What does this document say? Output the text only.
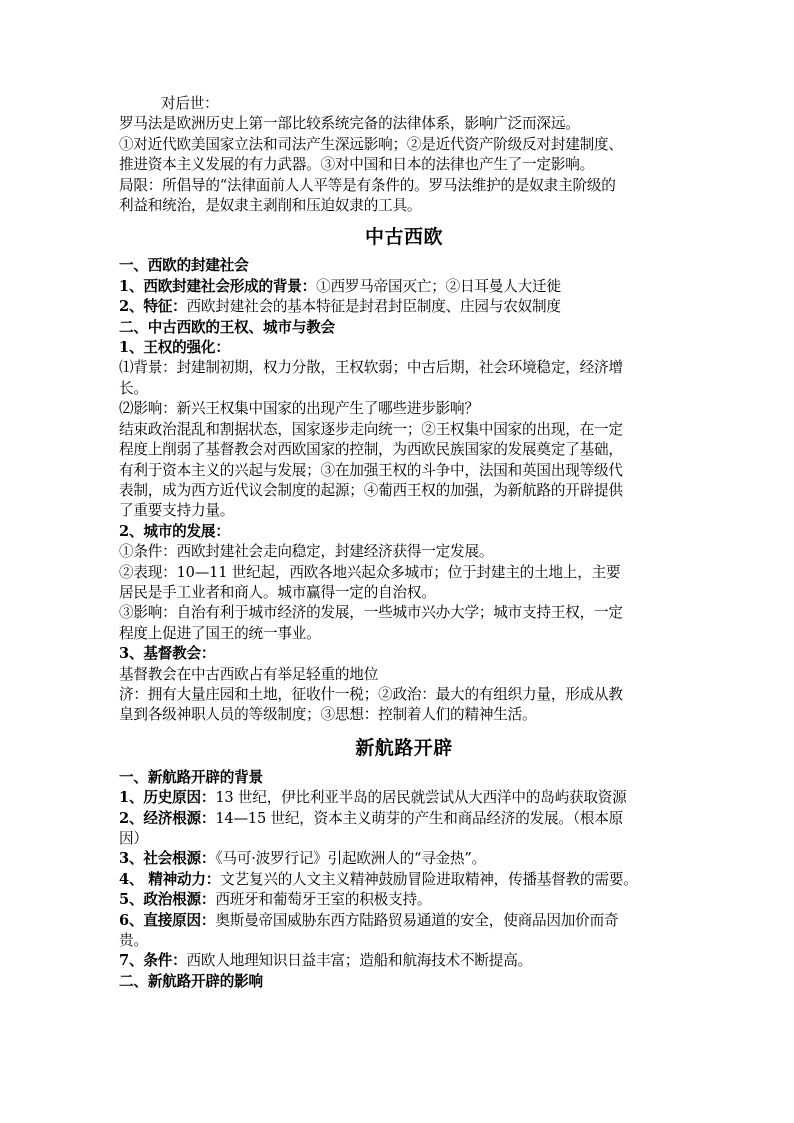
对后世：
罗马法是欧洲历史上第一部比较系统完备的法律体系，影响广泛而深远。
①对近代欧美国家立法和司法产生深远影响；②是近代资产阶级反对封建制度、
推进资本主义发展的有力武器。③对中国和日本的法律也产生了一定影响。
局限：所倡导的“法律面前人人平等是有条件的。罗马法维护的是奴隶主阶级的
利益和统治，是奴隶主剥削和压迫奴隶的工具。
中古西欧
一、西欧的封建社会
1、西欧封建社会形成的背景：①西罗马帝国灭亡；②日耳曼人大迁徙
2、特征：西欧封建社会的基本特征是封君封臣制度、庄园与农奴制度
二、中古西欧的王权、城市与教会
1、王权的强化：
⑴背景：封建制初期，权力分散，王权软弱；中古后期，社会环境稳定，经济增
长。
⑵影响：新兴王权集中国家的出现产生了哪些进步影响？
结束政治混乱和割据状态，国家逐步走向统一；②王权集中国家的出现，在一定
程度上削弱了基督教会对西欧国家的控制，为西欧民族国家的发展奠定了基础，
有利于资本主义的兴起与发展；③在加强王权的斗争中，法国和英国出现等级代
表制，成为西方近代议会制度的起源；④葡西王权的加强，为新航路的开辟提供
了重要支持力量。
2、城市的发展：
①条件：西欧封建社会走向稳定，封建经济获得一定发展。
②表现：10—11 世纪起，西欧各地兴起众多城市；位于封建主的土地上，主要
居民是手工业者和商人。城市赢得一定的自治权。
③影响：自治有利于城市经济的发展，一些城市兴办大学；城市支持王权，一定
程度上促进了国王的统一事业。
3、基督教会：
基督教会在中古西欧占有举足轻重的地位
济：拥有大量庄园和土地，征收什一税；②政治：最大的有组织力量，形成从教
皇到各级神职人员的等级制度；③思想：控制着人们的精神生活。
新航路开辟
一、新航路开辟的背景
1、历史原因：13 世纪，伊比利亚半岛的居民就尝试从大西洋中的岛屿获取资源
2、经济根源：14—15 世纪，资本主义萌芽的产生和商品经济的发展。（根本原
因）
3、社会根源：《马可·波罗行记》引起欧洲人的“寻金热”。
4、 精神动力：文艺复兴的人文主义精神鼓励冒险进取精神，传播基督教的需要。
5、政治根源：西班牙和葡萄牙王室的积极支持。
6、直接原因：奥斯曼帝国威胁东西方陆路贸易通道的安全，使商品因加价而奇
贵。
7、条件：西欧人地理知识日益丰富；造船和航海技术不断提高。
二、新航路开辟的影响
